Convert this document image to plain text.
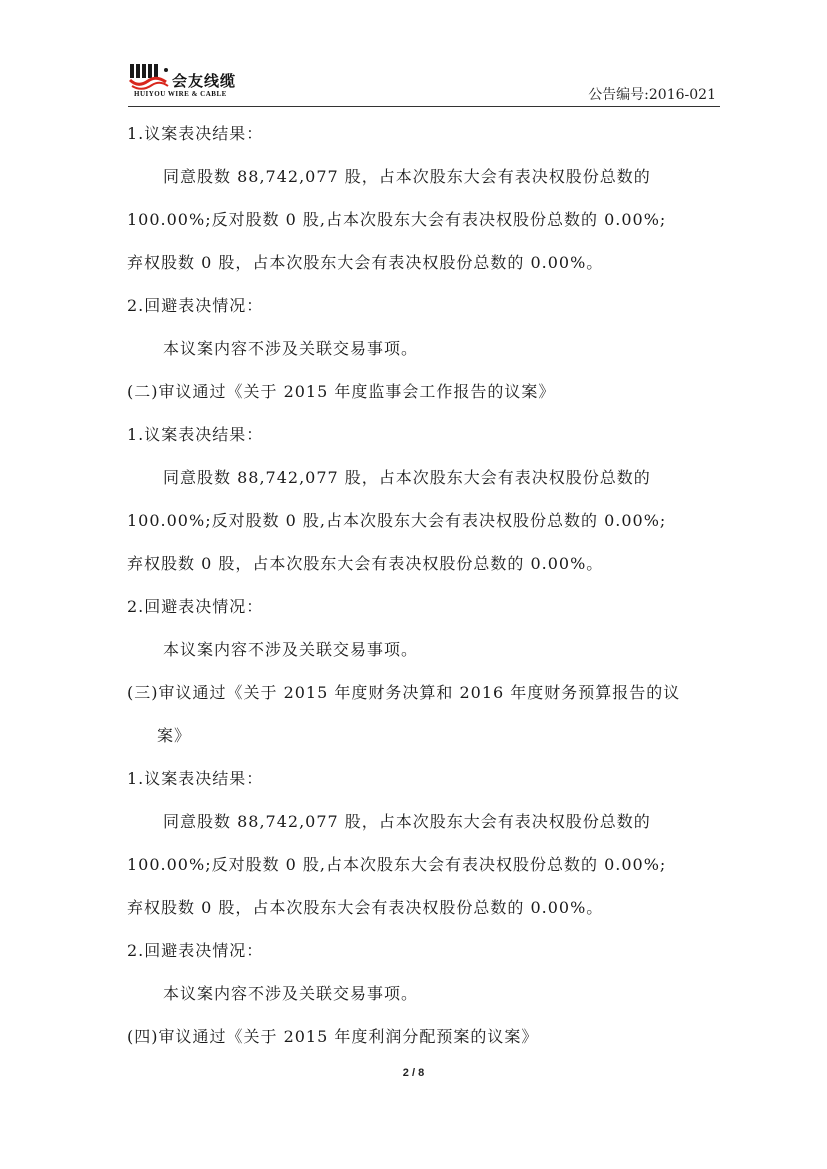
会友线缆
HUIYOU WIRE & CABLE	公告编号:2016-021
1.议案表决结果：
同意股数 88,742,077 股，占本次股东大会有表决权股份总数的
100.00%;反对股数 0 股,占本次股东大会有表决权股份总数的 0.00%;
弃权股数 0 股，占本次股东大会有表决权股份总数的 0.00%。
2.回避表决情况：
本议案内容不涉及关联交易事项。
(二)审议通过《关于 2015 年度监事会工作报告的议案》
1.议案表决结果：
同意股数 88,742,077 股，占本次股东大会有表决权股份总数的
100.00%;反对股数 0 股,占本次股东大会有表决权股份总数的 0.00%;
弃权股数 0 股，占本次股东大会有表决权股份总数的 0.00%。
2.回避表决情况：
本议案内容不涉及关联交易事项。
(三)审议通过《关于 2015 年度财务决算和 2016 年度财务预算报告的议
案》
1.议案表决结果：
同意股数 88,742,077 股，占本次股东大会有表决权股份总数的
100.00%;反对股数 0 股,占本次股东大会有表决权股份总数的 0.00%;
弃权股数 0 股，占本次股东大会有表决权股份总数的 0.00%。
2.回避表决情况：
本议案内容不涉及关联交易事项。
(四)审议通过《关于 2015 年度利润分配预案的议案》
2 / 8
